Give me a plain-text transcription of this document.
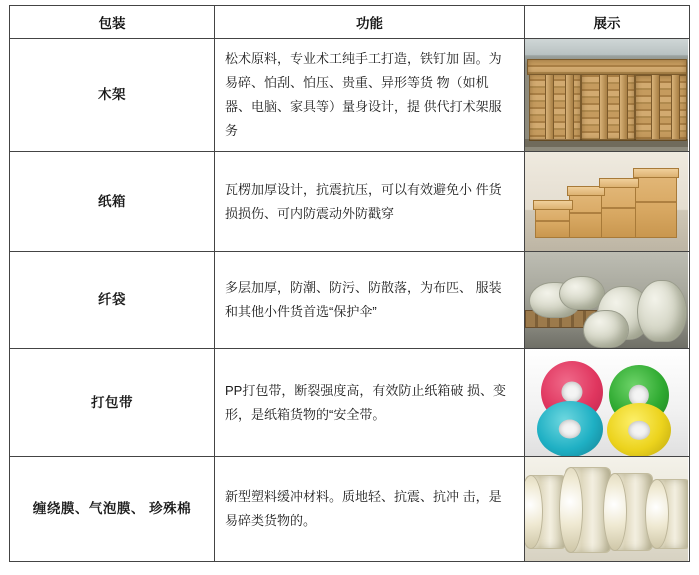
包装	功能	展示
木架	松术原料，专业术工纯手工打造，铁钉加 固。为易碎、怕刮、怕压、贵重、异形等货 物（如机器、电脑、家具等）量身设计，提 供代打术架服务	

纸箱	瓦楞加厚设计，抗震抗压，可以有效避免小 件货损损伤、可内防震动外防戳穿	

纤袋	多层加厚，防潮、防污、防散落，为布匹、 服装和其他小件货首选“保护伞”	

打包带	PP打包带，断裂强度高，有效防止纸箱破 损、变形，是纸箱货物的“安全带。	

缠绕膜、气泡膜、 珍殊棉	新型塑料缓冲材料。质地轻、抗震、抗冲 击，是易碎类货物的。	
